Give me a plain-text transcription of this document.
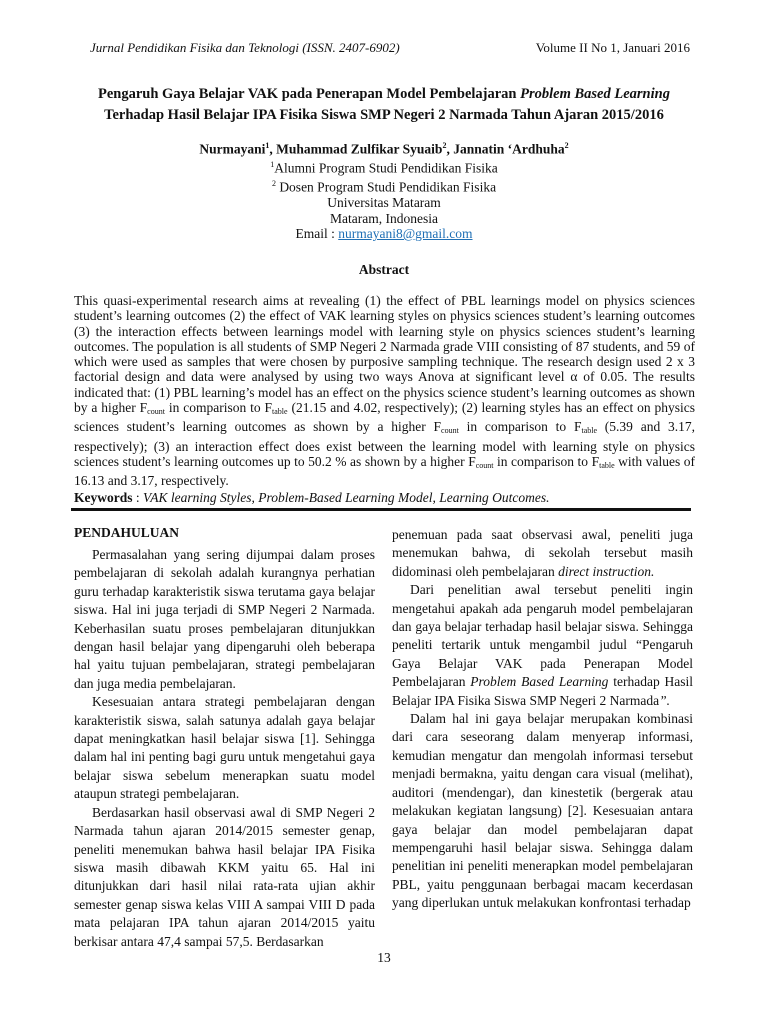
Jurnal Pendidikan Fisika dan Teknologi (ISSN. 2407-6902)	Volume II No 1, Januari 2016
Pengaruh Gaya Belajar VAK pada Penerapan Model Pembelajaran Problem Based Learning
Terhadap Hasil Belajar IPA Fisika Siswa SMP Negeri 2 Narmada Tahun Ajaran 2015/2016
Nurmayani$^1$, Muhammad Zulfikar Syuaib$^2$, Jannatin ‘Ardhuha$^2$
$^1$Alumni Program Studi Pendidikan Fisika
$^2$ Dosen Program Studi Pendidikan Fisika
Universitas Mataram
Mataram, Indonesia
Email : nurmayani8@gmail.com
Abstract
This quasi-experimental research aims at revealing (1) the effect of PBL learnings model on physics sciences student’s learning outcomes (2) the effect of VAK learning styles on physics sciences student’s learning outcomes (3) the interaction effects between learnings model with learning style on physics sciences student’s learning outcomes. The population is all students of SMP Negeri 2 Narmada grade VIII consisting of 87 students, and 59 of which were used as samples that were chosen by purposive sampling technique. The research design used 2 x 3 factorial design and data were analysed by using two ways Anova at significant level α of 0.05. The results indicated that: (1) PBL learning’s model has an effect on the physics science student’s learning outcomes as shown by a higher $F_{count}$ in comparison to $F_{table}$ (21.15 and 4.02, respectively); (2) learning styles has an effect on physics sciences student’s learning outcomes as shown by a higher $F_{count}$ in comparison to $F_{table}$ (5.39 and 3.17, respectively); (3) an interaction effect does exist between the learning model with learning style on physics sciences student’s learning outcomes up to 50.2 % as shown by a higher $F_{count}$ in comparison to $F_{table}$ with values of 16.13 and 3.17, respectively.
Keywords : VAK learning Styles, Problem-Based Learning Model, Learning Outcomes.
PENDAHULUAN

Permasalahan yang sering dijumpai dalam proses pembelajaran di sekolah adalah kurangnya perhatian guru terhadap karakteristik siswa terutama gaya belajar siswa. Hal ini juga terjadi di SMP Negeri 2 Narmada. Keberhasilan suatu proses pembelajaran ditunjukkan dengan hasil belajar yang dipengaruhi oleh beberapa hal yaitu tujuan pembelajaran, strategi pembelajaran dan juga media pembelajaran.

Kesesuaian antara strategi pembelajaran dengan karakteristik siswa, salah satunya adalah gaya belajar dapat meningkatkan hasil belajar siswa [1]. Sehingga dalam hal ini penting bagi guru untuk mengetahui gaya belajar siswa sebelum menerapkan suatu model ataupun strategi pembelajaran.

Berdasarkan hasil observasi awal di SMP Negeri 2 Narmada tahun ajaran 2014/2015 semester genap, peneliti menemukan bahwa hasil belajar IPA Fisika siswa masih dibawah KKM yaitu 65. Hal ini ditunjukkan dari hasil nilai rata-rata ujian akhir semester genap siswa kelas VIII A sampai VIII D pada mata pelajaran IPA tahun ajaran 2014/2015 yaitu berkisar antara 47,4 sampai 57,5. Berdasarkan

penemuan pada saat observasi awal, peneliti juga menemukan bahwa, di sekolah tersebut masih didominasi oleh pembelajaran direct instruction.

Dari penelitian awal tersebut peneliti ingin mengetahui apakah ada pengaruh model pembelajaran dan gaya belajar terhadap hasil belajar siswa. Sehingga peneliti tertarik untuk mengambil judul “Pengaruh Gaya Belajar VAK pada Penerapan Model Pembelajaran Problem Based Learning terhadap Hasil Belajar IPA Fisika Siswa SMP Negeri 2 Narmada”.

Dalam hal ini gaya belajar merupakan kombinasi dari cara seseorang dalam menyerap informasi, kemudian mengatur dan mengolah informasi tersebut menjadi bermakna, yaitu dengan cara visual (melihat), auditori (mendengar), dan kinestetik (bergerak atau melakukan kegiatan langsung) [2]. Kesesuaian antara gaya belajar dan model pembelajaran dapat mempengaruhi hasil belajar siswa. Sehingga dalam penelitian ini peneliti menerapkan model pembelajaran PBL, yaitu penggunaan berbagai macam kecerdasan yang diperlukan untuk melakukan konfrontasi terhadap

13
